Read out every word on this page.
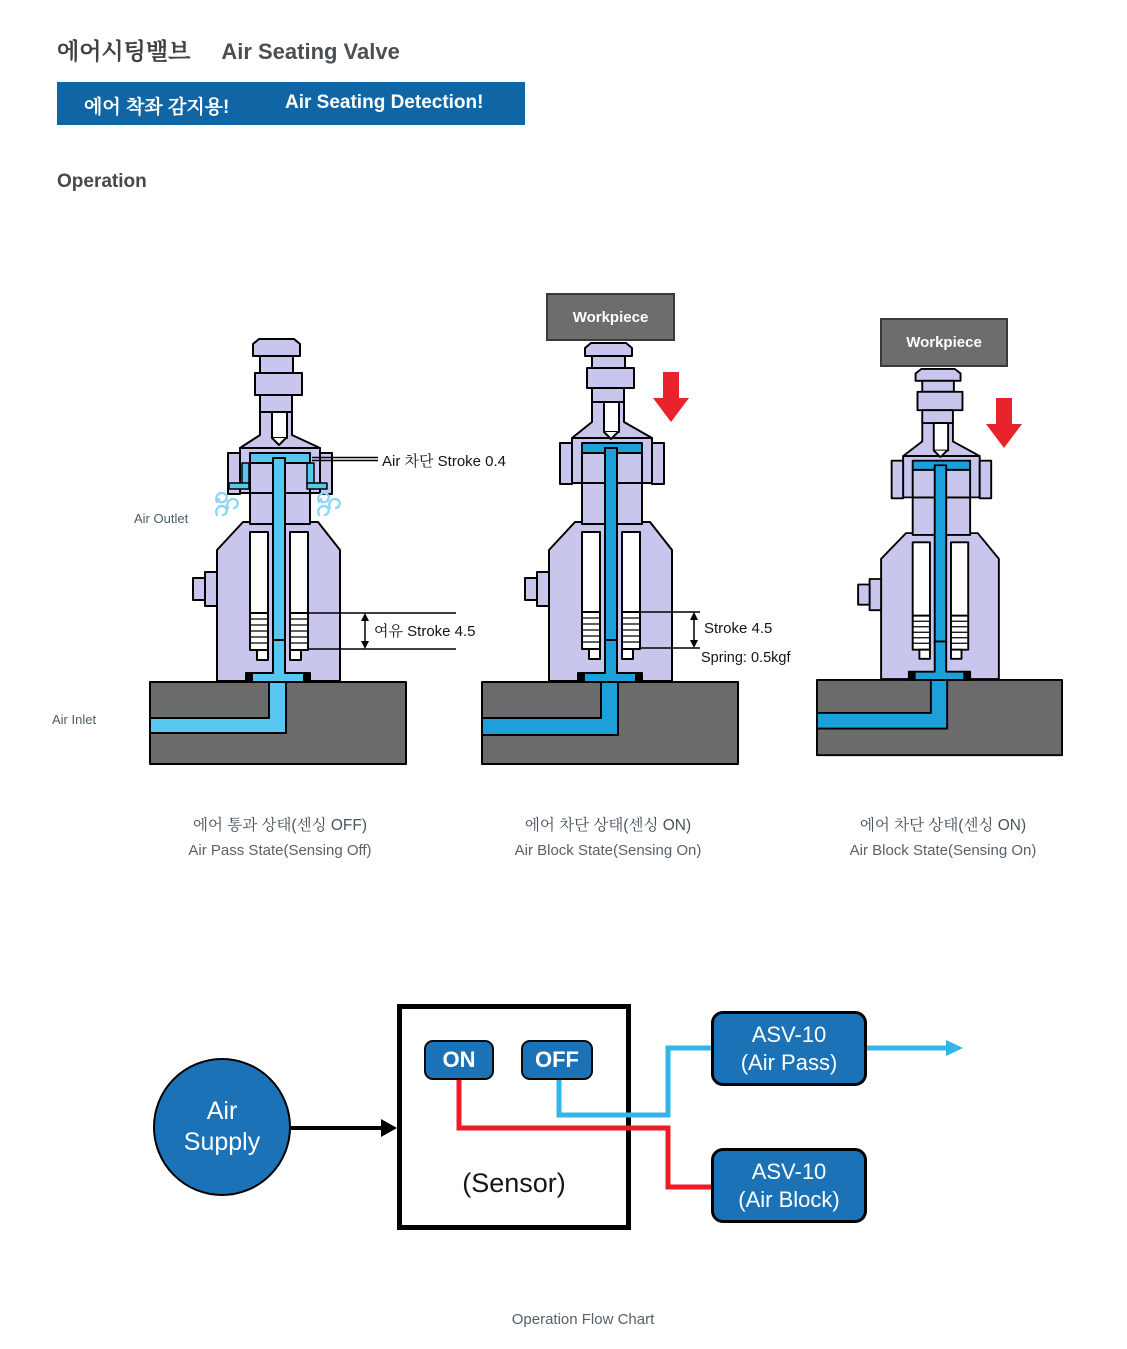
에어시팅밸브 Air Seating Valve
에어 착좌 감지용!	Air Seating Detection!
Operation
Workpiece
Workpiece
Air Outlet
Air Inlet
Air 차단 Stroke 0.4
여유 Stroke 4.5	Stroke 4.5
Spring: 0.5kgf
에어 통과 상태(센싱 OFF)
Air Pass State(Sensing Off)
에어 차단 상태(센싱 ON)
Air Block State(Sensing On)
에어 차단 상태(센싱 ON)
Air Block State(Sensing On)
Air
Supply
ON	OFF
(Sensor)
ASV-10
(Air Pass)
ASV-10
(Air Block)
Operation Flow Chart
